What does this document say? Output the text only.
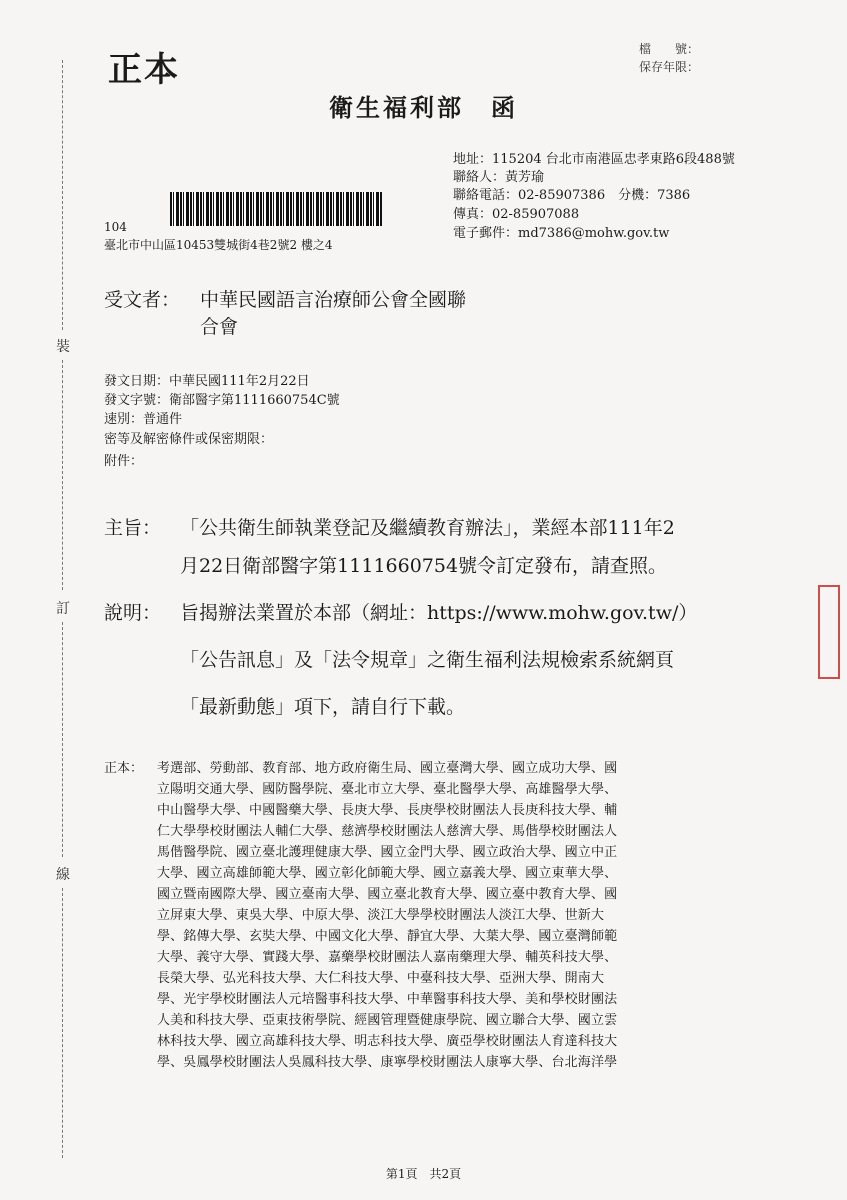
裝
訂
線
正本
檔　　號：
保存年限：
衛生福利部　函
地址：115204 台北市南港區忠孝東路6段488號
聯絡人：黃芳瑜
聯絡電話：02-85907386　分機：7386
傳真：02-85907088
電子郵件：md7386@mohw.gov.tw
104
臺北市中山區10453雙城街4巷2號2 樓之4
受文者： 中華民國語言治療師公會全國聯
合會
發文日期：中華民國111年2月22日
發文字號：衛部醫字第1111660754C號
速別：普通件
密等及解密條件或保密期限：
附件：
主旨： 「公共衛生師執業登記及繼續教育辦法」，業經本部111年2
月22日衛部醫字第1111660754號令訂定發布，請查照。
說明： 旨揭辦法業置於本部（網址：https://www.mohw.gov.tw/）
「公告訊息」及「法令規章」之衛生福利法規檢索系統網頁
「最新動態」項下，請自行下載。
正本： 考選部、勞動部、教育部、地方政府衛生局、國立臺灣大學、國立成功大學、國
立陽明交通大學、國防醫學院、臺北市立大學、臺北醫學大學、高雄醫學大學、
中山醫學大學、中國醫藥大學、長庚大學、長庚學校財團法人長庚科技大學、輔
仁大學學校財團法人輔仁大學、慈濟學校財團法人慈濟大學、馬偕學校財團法人
馬偕醫學院、國立臺北護理健康大學、國立金門大學、國立政治大學、國立中正
大學、國立高雄師範大學、國立彰化師範大學、國立嘉義大學、國立東華大學、
國立暨南國際大學、國立臺南大學、國立臺北教育大學、國立臺中教育大學、國
立屏東大學、東吳大學、中原大學、淡江大學學校財團法人淡江大學、世新大
學、銘傳大學、玄奘大學、中國文化大學、靜宜大學、大葉大學、國立臺灣師範
大學、義守大學、實踐大學、嘉藥學校財團法人嘉南藥理大學、輔英科技大學、
長榮大學、弘光科技大學、大仁科技大學、中臺科技大學、亞洲大學、開南大
學、光宇學校財團法人元培醫事科技大學、中華醫事科技大學、美和學校財團法
人美和科技大學、亞東技術學院、經國管理暨健康學院、國立聯合大學、國立雲
林科技大學、國立高雄科技大學、明志科技大學、廣亞學校財團法人育達科技大
學、吳鳳學校財團法人吳鳳科技大學、康寧學校財團法人康寧大學、台北海洋學
第1頁　共2頁
